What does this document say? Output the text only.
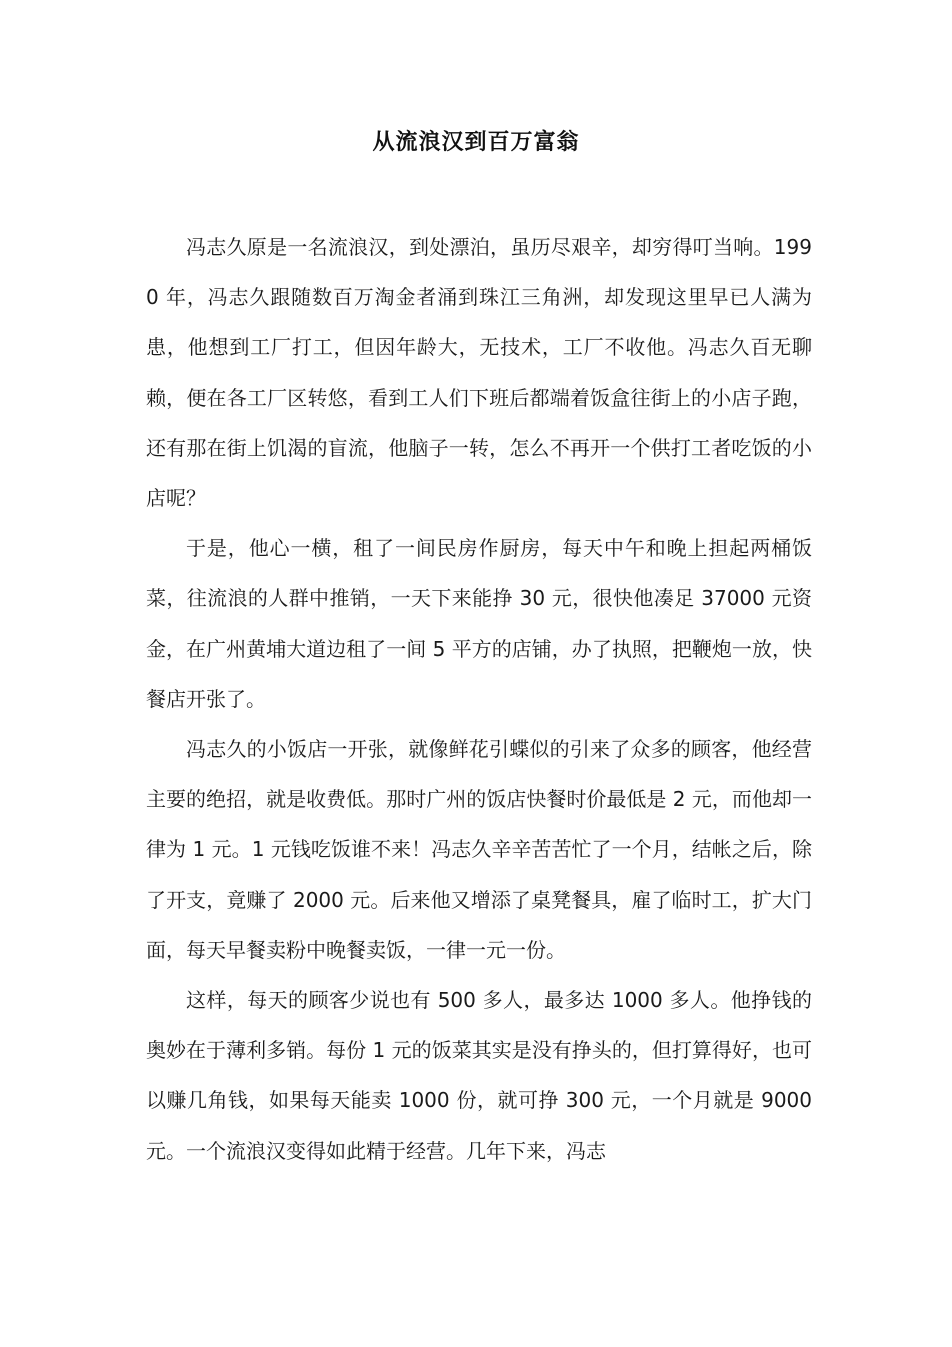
从流浪汉到百万富翁

冯志久原是一名流浪汉，到处漂泊，虽历尽艰辛，却穷得叮当响。1990 年，冯志久跟随数百万淘金者涌到珠江三角洲，却发现这里早已人满为患，他想到工厂打工，但因年龄大，无技术，工厂不收他。冯志久百无聊赖，便在各工厂区转悠，看到工人们下班后都端着饭盒往街上的小店子跑，还有那在街上饥渴的盲流，他脑子一转，怎么不再开一个供打工者吃饭的小店呢？

于是，他心一横，租了一间民房作厨房，每天中午和晚上担起两桶饭菜，往流浪的人群中推销，一天下来能挣 30 元，很快他凑足 37000 元资金，在广州黄埔大道边租了一间 5 平方的店铺，办了执照，把鞭炮一放，快餐店开张了。

冯志久的小饭店一开张，就像鲜花引蝶似的引来了众多的顾客，他经营主要的绝招，就是收费低。那时广州的饭店快餐时价最低是 2 元，而他却一律为 1 元。1 元钱吃饭谁不来！冯志久辛辛苦苦忙了一个月，结帐之后，除了开支，竟赚了 2000 元。后来他又增添了桌凳餐具，雇了临时工，扩大门面，每天早餐卖粉中晚餐卖饭，一律一元一份。

这样，每天的顾客少说也有 500 多人，最多达 1000 多人。他挣钱的奥妙在于薄利多销。每份 1 元的饭菜其实是没有挣头的，但打算得好，也可以赚几角钱，如果每天能卖 1000 份，就可挣 300 元，一个月就是 9000 元。一个流浪汉变得如此精于经营。几年下来，冯志
